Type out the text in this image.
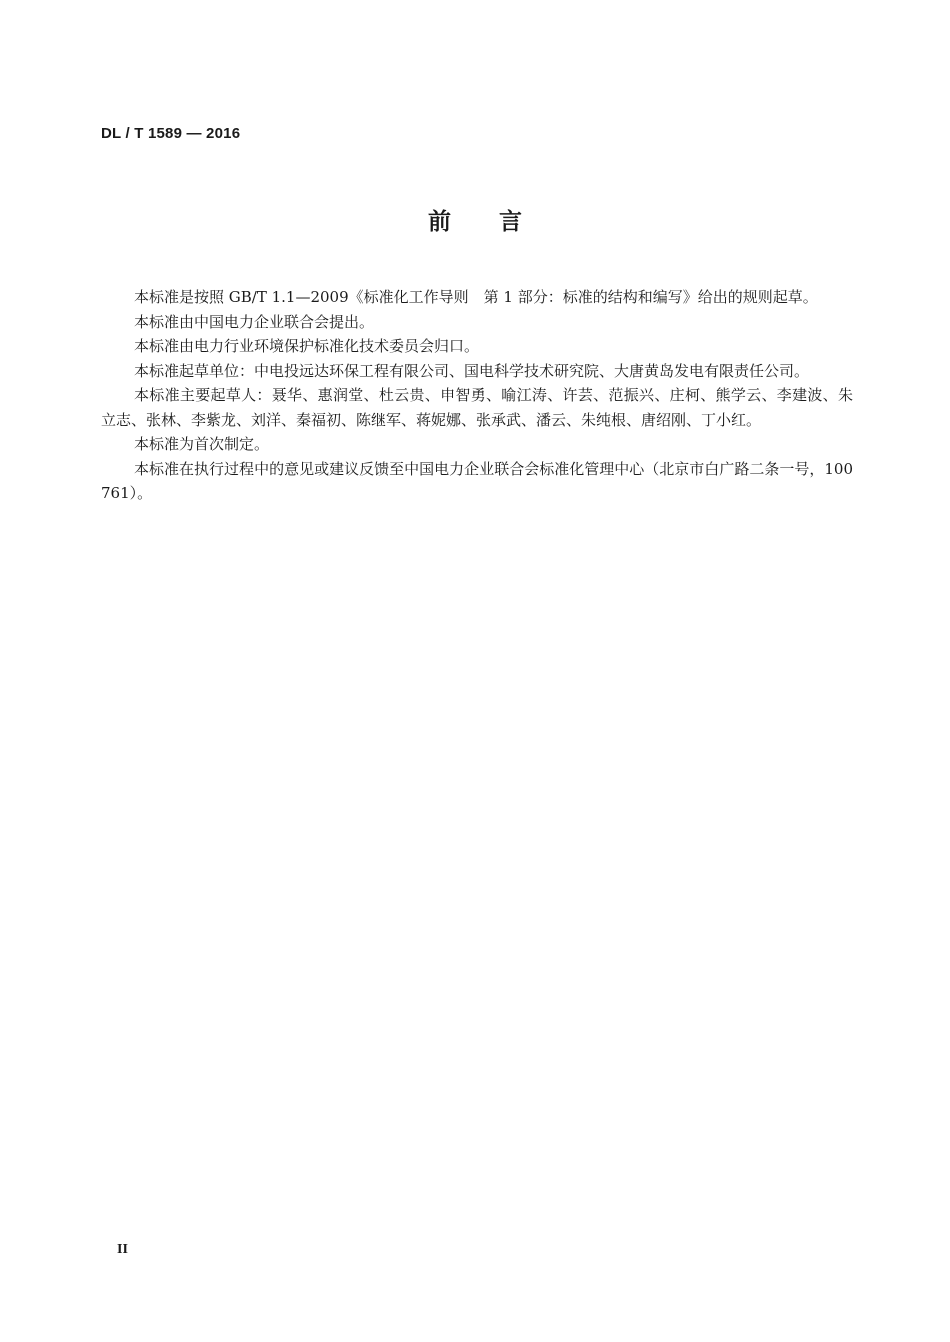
DL / T 1589 — 2016
前 言

本标准是按照 GB/T 1.1—2009《标准化工作导则　第 1 部分：标准的结构和编写》给出的规则起草。

本标准由中国电力企业联合会提出。

本标准由电力行业环境保护标准化技术委员会归口。

本标准起草单位：中电投远达环保工程有限公司、国电科学技术研究院、大唐黄岛发电有限责任公司。

本标准主要起草人：聂华、惠润堂、杜云贵、申智勇、喻江涛、许芸、范振兴、庄柯、熊学云、李建波、朱立志、张林、李紫龙、刘洋、秦福初、陈继军、蒋妮娜、张承武、潘云、朱纯根、唐绍刚、丁小红。

本标准为首次制定。

本标准在执行过程中的意见或建议反馈至中国电力企业联合会标准化管理中心（北京市白广路二条一号，100761）。

II
